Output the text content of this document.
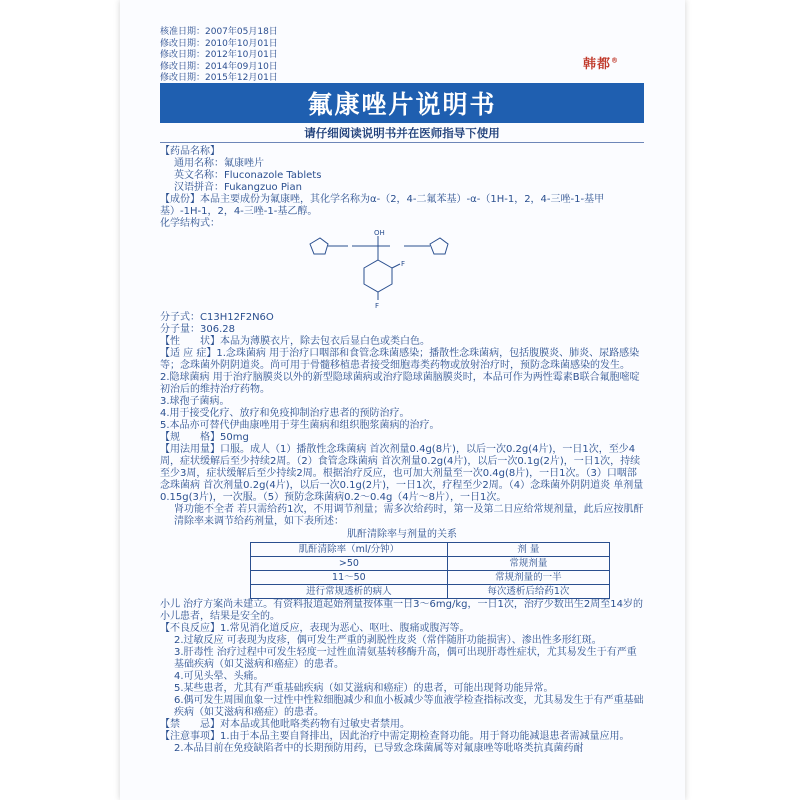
核准日期：2007年05月18日
修改日期：2010年10月01日
修改日期：2012年10月01日
修改日期：2014年09月10日
修改日期：2015年12月01日
韩都®
氟康唑片说明书
请仔细阅读说明书并在医师指导下使用

【药品名称】

通用名称：氟康唑片

英文名称：Fluconazole Tablets

汉语拼音：Fukangzuo Pian

【成份】本品主要成份为氟康唑，其化学名称为α-（2，4-二氟苯基）-α-（1H-1，2，4-三唑-1-基甲基）-1H-1，2，4-三唑-1-基乙醇。

化学结构式：

OH
F
F

分子式：C13H12F2N6O

分子量：306.28

【性　　状】本品为薄膜衣片，除去包衣后显白色或类白色。

【适 应 症】1.念珠菌病 用于治疗口咽部和食管念珠菌感染；播散性念珠菌病，包括腹膜炎、肺炎、尿路感染等；念珠菌外阴阴道炎。尚可用于骨髓移植患者接受细胞毒类药物或放射治疗时，预防念珠菌感染的发生。

2.隐球菌病 用于治疗脑膜炎以外的新型隐球菌病或治疗隐球菌脑膜炎时，本品可作为两性霉素B联合氟胞嘧啶初治后的维持治疗药物。

3.球孢子菌病。

4.用于接受化疗、放疗和免疫抑制治疗患者的预防治疗。

5.本品亦可替代伊曲康唑用于芽生菌病和组织胞浆菌病的治疗。

【规　　格】50mg

【用法用量】口服。成人（1）播散性念珠菌病 首次剂量0.4g(8片)，以后一次0.2g(4片)，一日1次，至少4周，症状缓解后至少持续2周。（2）食管念珠菌病 首次剂量0.2g(4片)，以后一次0.1g(2片)，一日1次，持续至少3周，症状缓解后至少持续2周。根据治疗反应，也可加大剂量至一次0.4g(8片)，一日1次。（3）口咽部念珠菌病 首次剂量0.2g(4片)，以后一次0.1g(2片)，一日1次，疗程至少2周。（4）念珠菌外阴阴道炎 单剂量0.15g(3片)，一次服。（5）预防念珠菌病0.2～0.4g（4片～8片），一日1次。

肾功能不全者 若只需给药1次，不用调节剂量；需多次给药时，第一及第二日应给常规剂量，此后应按肌酐清除率来调节给药剂量，如下表所述：

肌酐清除率与剂量的关系
肌酐清除率（ml/分钟）	剂 量
>50	常规剂量
11～50	常规剂量的一半
进行常规透析的病人	每次透析后给药1次

小儿 治疗方案尚未建立。有资料报道起始剂量按体重一日3～6mg/kg，一日1次，治疗少数出生2周至14岁的小儿患者，结果是安全的。

【不良反应】1.常见消化道反应，表现为恶心、呕吐、腹痛或腹泻等。

2.过敏反应 可表现为皮疹，偶可发生严重的剥脱性皮炎（常伴随肝功能损害）、渗出性多形红斑。

3.肝毒性 治疗过程中可发生轻度一过性血清氨基转移酶升高，偶可出现肝毒性症状，尤其易发生于有严重基础疾病（如艾滋病和癌症）的患者。

4.可见头晕、头痛。

5.某些患者，尤其有严重基础疾病（如艾滋病和癌症）的患者，可能出现肾功能异常。

6.偶可发生周围血象一过性中性粒细胞减少和血小板减少等血液学检查指标改变，尤其易发生于有严重基础疾病（如艾滋病和癌症）的患者。

【禁　　忌】对本品或其他吡咯类药物有过敏史者禁用。

【注意事项】1.由于本品主要自肾排出，因此治疗中需定期检查肾功能。用于肾功能减退患者需减量应用。

2.本品目前在免疫缺陷者中的长期预防用药，已导致念珠菌属等对氟康唑等吡咯类抗真菌药耐
